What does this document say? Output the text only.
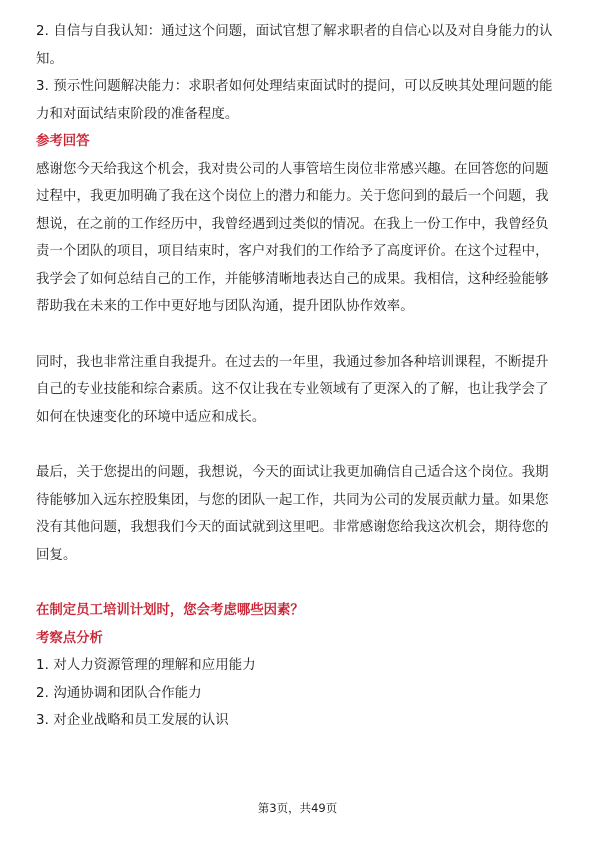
2. 自信与自我认知：通过这个问题，面试官想了解求职者的自信心以及对自身能力的认知。

3. 预示性问题解决能力：求职者如何处理结束面试时的提问，可以反映其处理问题的能力和对面试结束阶段的准备程度。

参考回答

感谢您今天给我这个机会，我对贵公司的人事管培生岗位非常感兴趣。在回答您的问题过程中，我更加明确了我在这个岗位上的潜力和能力。关于您问到的最后一个问题，我想说，在之前的工作经历中，我曾经遇到过类似的情况。在我上一份工作中，我曾经负责一个团队的项目，项目结束时，客户对我们的工作给予了高度评价。在这个过程中，我学会了如何总结自己的工作，并能够清晰地表达自己的成果。我相信，这种经验能够帮助我在未来的工作中更好地与团队沟通，提升团队协作效率。

同时，我也非常注重自我提升。在过去的一年里，我通过参加各种培训课程，不断提升自己的专业技能和综合素质。这不仅让我在专业领域有了更深入的了解，也让我学会了如何在快速变化的环境中适应和成长。

最后，关于您提出的问题，我想说，今天的面试让我更加确信自己适合这个岗位。我期待能够加入远东控股集团，与您的团队一起工作，共同为公司的发展贡献力量。如果您没有其他问题，我想我们今天的面试就到这里吧。非常感谢您给我这次机会，期待您的回复。

在制定员工培训计划时，您会考虑哪些因素？

考察点分析

1. 对人力资源管理的理解和应用能力

2. 沟通协调和团队合作能力

3. 对企业战略和员工发展的认识

第3页，共49页
